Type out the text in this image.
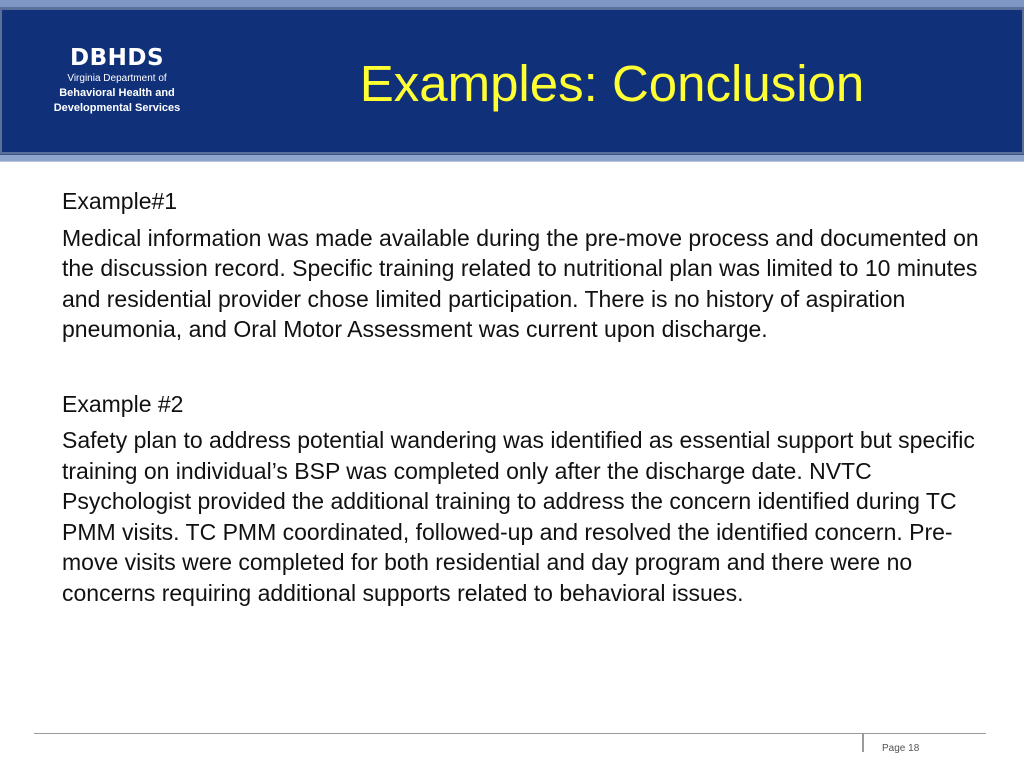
DBHDS
Virginia Department of
Behavioral Health and
Developmental Services	Examples: Conclusion

Example#1

Medical information was made available during the pre-move process and documented on the discussion record. Specific training related to nutritional plan was limited to 10 minutes and residential provider chose limited participation. There is no history of aspiration pneumonia, and Oral Motor Assessment was current upon discharge.

Example #2

Safety plan to address potential wandering was identified as essential support but specific training on individual’s BSP was completed only after the discharge date. NVTC Psychologist provided the additional training to address the concern identified during TC PMM visits. TC PMM coordinated, followed-up and resolved the identified concern. Pre-move visits were completed for both residential and day program and there were no concerns requiring additional supports related to behavioral issues.

Page 18
